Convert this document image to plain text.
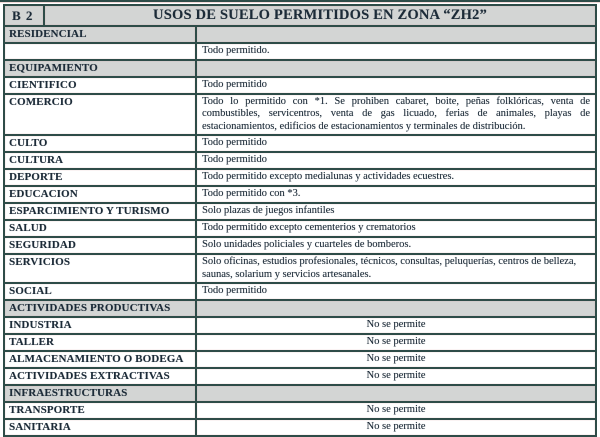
B 2	USOS DE SUELO PERMITIDOS EN ZONA “ZH2”	
RESIDENCIAL		
		Todo permitido.
EQUIPAMIENTO		
CIENTIFICO		Todo permitido
COMERCIO		Todo lo permitido con *1. Se prohiben cabaret, boite, peñas folklóricas, venta de combustibles, servicentros, venta de gas licuado, ferias de animales, playas de estacionamientos, edificios de estacionamientos y terminales de distribución.
CULTO		Todo permitido
CULTURA		Todo permitido
DEPORTE		Todo permitido excepto medialunas y actividades ecuestres.
EDUCACION		Todo permitido con *3.
ESPARCIMIENTO Y TURISMO		Solo plazas de juegos infantiles
SALUD		Todo permitido excepto cementerios y crematorios
SEGURIDAD		Solo unidades policiales y cuarteles de bomberos.
SERVICIOS		Solo oficinas, estudios profesionales, técnicos, consultas, peluquerías, centros de belleza, saunas, solarium y servicios artesanales.
SOCIAL		Todo permitido
ACTIVIDADES PRODUCTIVAS		
INDUSTRIA		No se permite
TALLER		No se permite
ALMACENAMIENTO O BODEGA		No se permite
ACTIVIDADES EXTRACTIVAS		No se permite
INFRAESTRUCTURAS		
TRANSPORTE		No se permite
SANITARIA		No se permite
